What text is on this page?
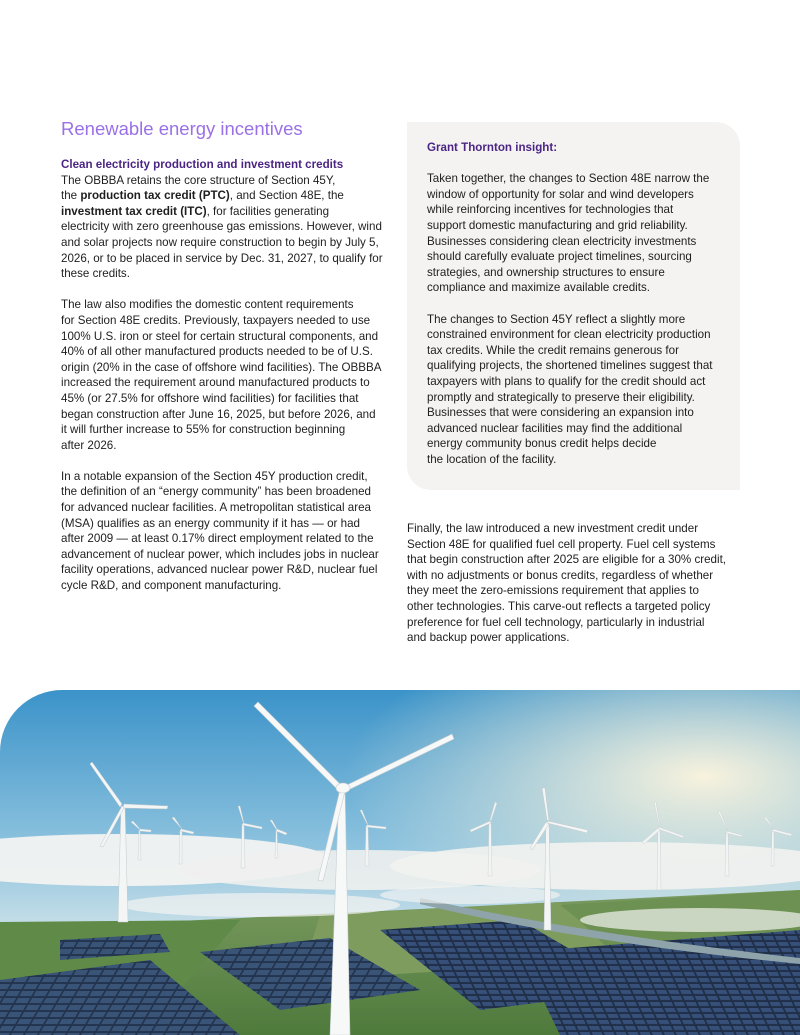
Renewable energy incentives
Clean electricity production and investment credits

The OBBBA retains the core structure of Section 45Y,
the production tax credit (PTC), and Section 48E, the
investment tax credit (ITC), for facilities generating
electricity with zero greenhouse gas emissions. However, wind
and solar projects now require construction to begin by July 5,
2026, or to be placed in service by Dec. 31, 2027, to qualify for
these credits.

The law also modifies the domestic content requirements
for Section 48E credits. Previously, taxpayers needed to use
100% U.S. iron or steel for certain structural components, and
40% of all other manufactured products needed to be of U.S.
origin (20% in the case of offshore wind facilities). The OBBBA
increased the requirement around manufactured products to
45% (or 27.5% for offshore wind facilities) for facilities that
began construction after June 16, 2025, but before 2026, and
it will further increase to 55% for construction beginning
after 2026.

In a notable expansion of the Section 45Y production credit,
the definition of an “energy community” has been broadened
for advanced nuclear facilities. A metropolitan statistical area
(MSA) qualifies as an energy community if it has — or had
after 2009 — at least 0.17% direct employment related to the
advancement of nuclear power, which includes jobs in nuclear
facility operations, advanced nuclear power R&D, nuclear fuel
cycle R&D, and component manufacturing.

Grant Thornton insight:

Taken together, the changes to Section 48E narrow the
window of opportunity for solar and wind developers
while reinforcing incentives for technologies that
support domestic manufacturing and grid reliability.
Businesses considering clean electricity investments
should carefully evaluate project timelines, sourcing
strategies, and ownership structures to ensure
compliance and maximize available credits.

The changes to Section 45Y reflect a slightly more
constrained environment for clean electricity production
tax credits. While the credit remains generous for
qualifying projects, the shortened timelines suggest that
taxpayers with plans to qualify for the credit should act
promptly and strategically to preserve their eligibility.
Businesses that were considering an expansion into
advanced nuclear facilities may find the additional
energy community bonus credit helps decide
the location of the facility.

Finally, the law introduced a new investment credit under
Section 48E for qualified fuel cell property. Fuel cell systems
that begin construction after 2025 are eligible for a 30% credit,
with no adjustments or bonus credits, regardless of whether
they meet the zero-emissions requirement that applies to
other technologies. This carve-out reflects a targeted policy
preference for fuel cell technology, particularly in industrial
and backup power applications.
